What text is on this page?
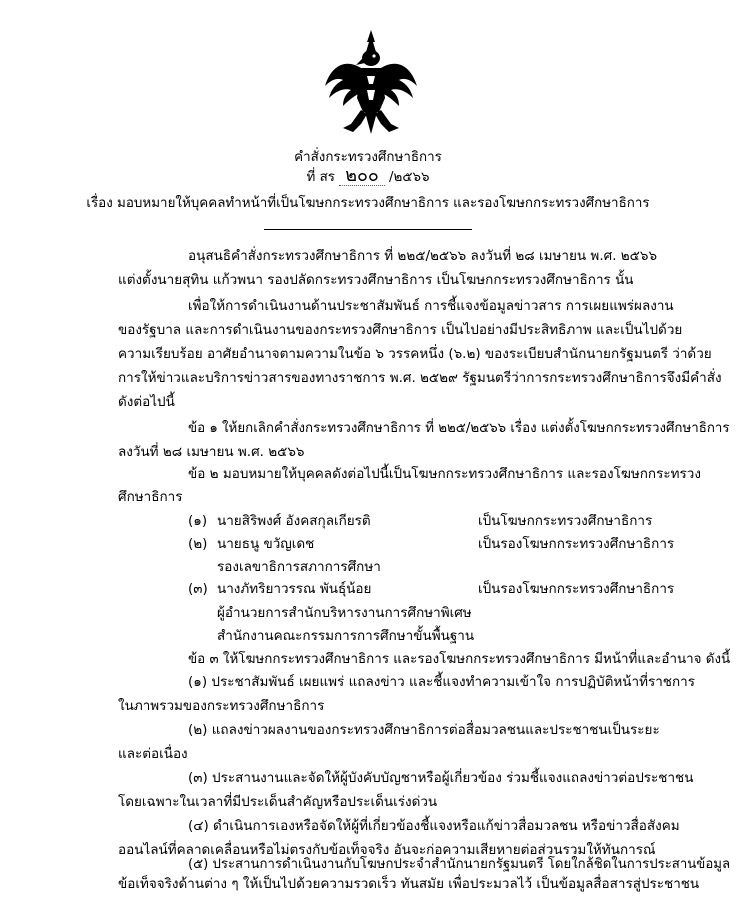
คำสั่งกระทรวงศึกษาธิการ
ที่ สร ๒๐๐ /๒๕๖๖
เรื่อง มอบหมายให้บุคคลทำหน้าที่เป็นโฆษกกระทรวงศึกษาธิการ และรองโฆษกกระทรวงศึกษาธิการ
อนุสนธิคำสั่งกระทรวงศึกษาธิการ ที่ ๒๒๕/๒๕๖๖ ลงวันที่ ๒๘ เมษายน พ.ศ. ๒๕๖๖
แต่งตั้งนายสุทิน แก้วพนา รองปลัดกระทรวงศึกษาธิการ เป็นโฆษกกระทรวงศึกษาธิการ นั้น
เพื่อให้การดำเนินงานด้านประชาสัมพันธ์ การชี้แจงข้อมูลข่าวสาร การเผยแพร่ผลงาน
ของรัฐบาล และการดำเนินงานของกระทรวงศึกษาธิการ เป็นไปอย่างมีประสิทธิภาพ และเป็นไปด้วย
ความเรียบร้อย อาศัยอำนาจตามความในข้อ ๖ วรรคหนึ่ง (๖.๒) ของระเบียบสำนักนายกรัฐมนตรี ว่าด้วย
การให้ข่าวและบริการข่าวสารของทางราชการ พ.ศ. ๒๕๒๙ รัฐมนตรีว่าการกระทรวงศึกษาธิการจึงมีคำสั่ง
ดังต่อไปนี้
ข้อ ๑ ให้ยกเลิกคำสั่งกระทรวงศึกษาธิการ ที่ ๒๒๕/๒๕๖๖ เรื่อง แต่งตั้งโฆษกกระทรวงศึกษาธิการ
ลงวันที่ ๒๘ เมษายน พ.ศ. ๒๕๖๖
ข้อ ๒ มอบหมายให้บุคคลดังต่อไปนี้เป็นโฆษกกระทรวงศึกษาธิการ และรองโฆษกกระทรวง
ศึกษาธิการ
(๑) นายสิริพงศ์ อังคสกุลเกียรติ	เป็นโฆษกกระทรวงศึกษาธิการ
(๒) นายธนู ขวัญเดช	เป็นรองโฆษกกระทรวงศึกษาธิการ
รองเลขาธิการสภาการศึกษา
(๓) นางภัทริยาวรรณ พันธุ์น้อย	เป็นรองโฆษกกระทรวงศึกษาธิการ
ผู้อำนวยการสำนักบริหารงานการศึกษาพิเศษ
สำนักงานคณะกรรมการการศึกษาขั้นพื้นฐาน
ข้อ ๓ ให้โฆษกกระทรวงศึกษาธิการ และรองโฆษกกระทรวงศึกษาธิการ มีหน้าที่และอำนาจ ดังนี้
(๑) ประชาสัมพันธ์ เผยแพร่ แถลงข่าว และชี้แจงทำความเข้าใจ การปฏิบัติหน้าที่ราชการ
ในภาพรวมของกระทรวงศึกษาธิการ
(๒) แถลงข่าวผลงานของกระทรวงศึกษาธิการต่อสื่อมวลชนและประชาชนเป็นระยะ
และต่อเนื่อง
(๓) ประสานงานและจัดให้ผู้บังคับบัญชาหรือผู้เกี่ยวข้อง ร่วมชี้แจงแถลงข่าวต่อประชาชน
โดยเฉพาะในเวลาที่มีประเด็นสำคัญหรือประเด็นเร่งด่วน
(๔) ดำเนินการเองหรือจัดให้ผู้ที่เกี่ยวข้องชี้แจงหรือแก้ข่าวสื่อมวลชน หรือข่าวสื่อสังคม
ออนไลน์ที่คลาดเคลื่อนหรือไม่ตรงกับข้อเท็จจริง อันจะก่อความเสียหายต่อส่วนรวมให้ทันการณ์
(๕) ประสานการดำเนินงานกับโฆษกประจำสำนักนายกรัฐมนตรี โดยใกล้ชิดในการประสานข้อมูล
ข้อเท็จจริงด้านต่าง ๆ ให้เป็นไปด้วยความรวดเร็ว ทันสมัย เพื่อประมวลไว้ เป็นข้อมูลสื่อสารสู่ประชาชน
